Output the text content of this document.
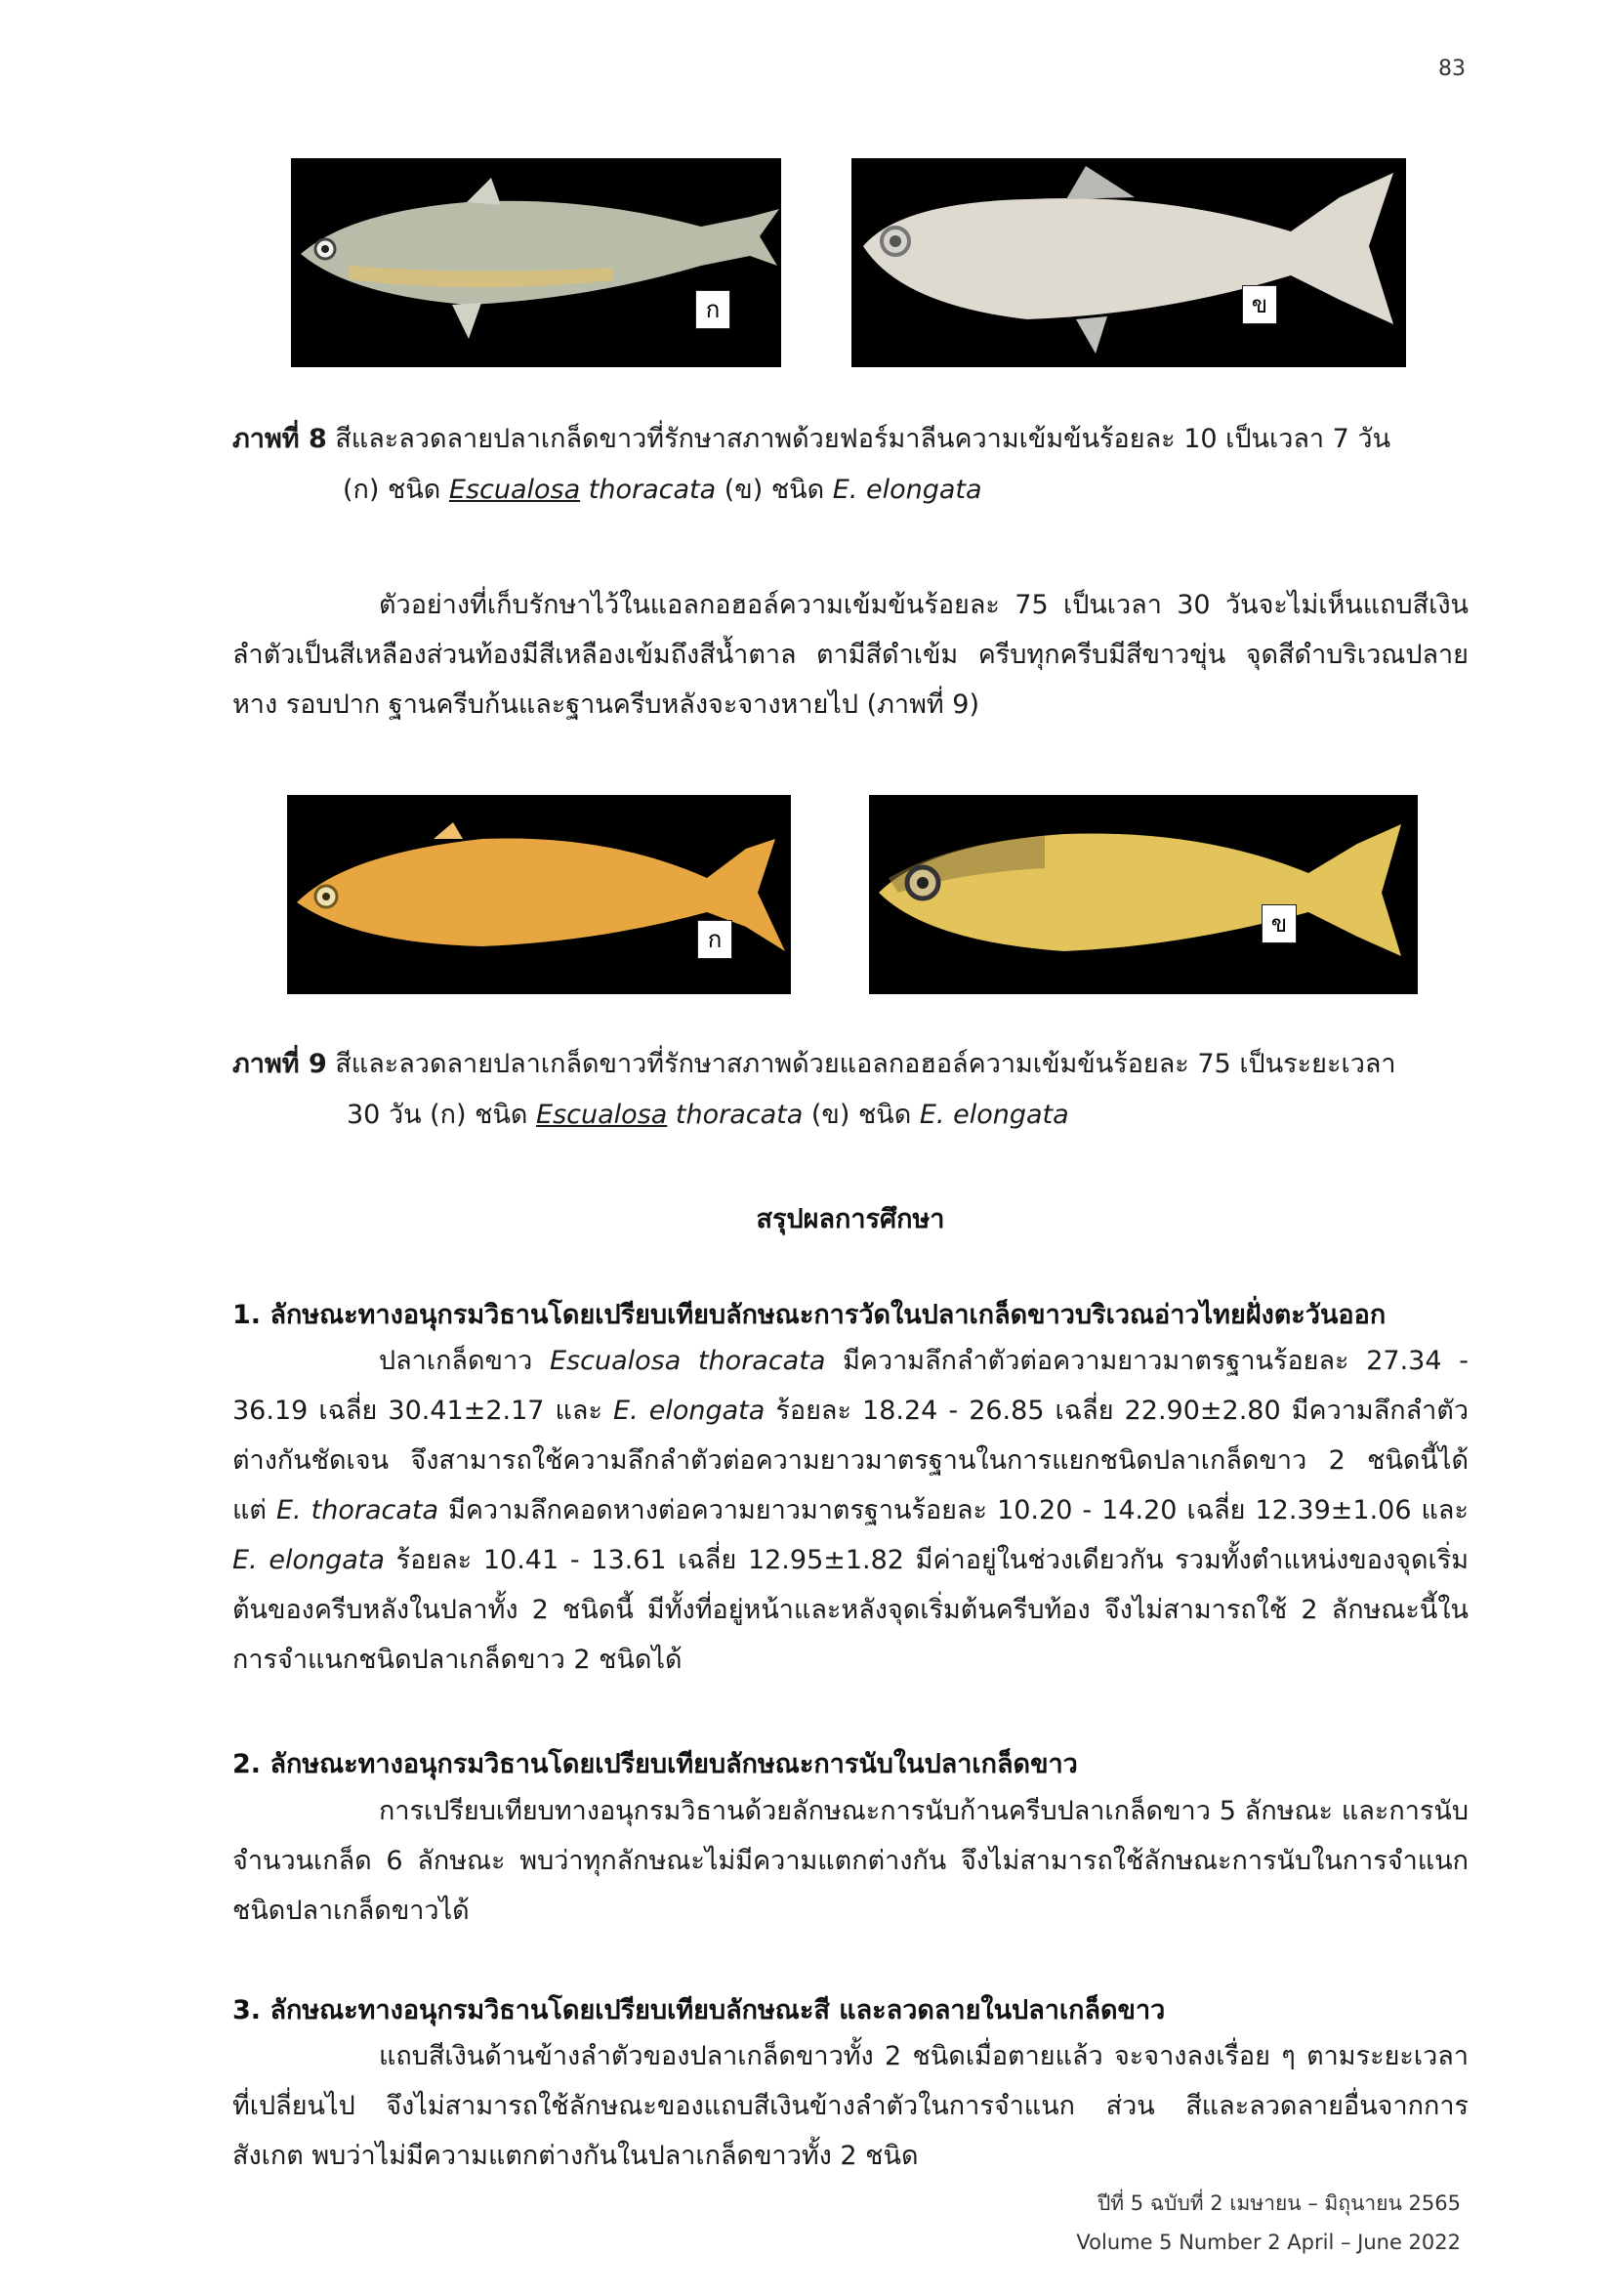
83
ก	ข
ภาพที่ 8 สีและลวดลายปลาเกล็ดขาวที่รักษาสภาพด้วยฟอร์มาลีนความเข้มข้นร้อยละ 10 เป็นเวลา 7 วัน
(ก) ชนิด Escualosa thoracata (ข) ชนิด E. elongata
ตัวอย่างที่เก็บรักษาไว้ในแอลกอฮอล์ความเข้มข้นร้อยละ 75 เป็นเวลา 30 วันจะไม่เห็นแถบสีเงินลำตัวเป็นสีเหลืองส่วนท้องมีสีเหลืองเข้มถึงสีน้ำตาล ตามีสีดำเข้ม ครีบทุกครีบมีสีขาวขุ่น จุดสีดำบริเวณปลายหาง รอบปาก ฐานครีบก้นและฐานครีบหลังจะจางหายไป (ภาพที่ 9)
ก
ข
ภาพที่ 9 สีและลวดลายปลาเกล็ดขาวที่รักษาสภาพด้วยแอลกอฮอล์ความเข้มข้นร้อยละ 75 เป็นระยะเวลา
30 วัน (ก) ชนิด Escualosa thoracata (ข) ชนิด E. elongata
สรุปผลการศึกษา
1. ลักษณะทางอนุกรมวิธานโดยเปรียบเทียบลักษณะการวัดในปลาเกล็ดขาวบริเวณอ่าวไทยฝั่งตะวันออก
ปลาเกล็ดขาว Escualosa thoracata มีความลึกลำตัวต่อความยาวมาตรฐานร้อยละ 27.34 - 36.19 เฉลี่ย 30.41±2.17 และ E. elongata ร้อยละ 18.24 - 26.85 เฉลี่ย 22.90±2.80 มีความลึกลำตัวต่างกันชัดเจน จึงสามารถใช้ความลึกลำตัวต่อความยาวมาตรฐานในการแยกชนิดปลาเกล็ดขาว 2 ชนิดนี้ได้ แต่ E. thoracata มีความลึกคอดหางต่อความยาวมาตรฐานร้อยละ 10.20 - 14.20 เฉลี่ย 12.39±1.06 และ E. elongata ร้อยละ 10.41 - 13.61 เฉลี่ย 12.95±1.82 มีค่าอยู่ในช่วงเดียวกัน รวมทั้งตำแหน่งของจุดเริ่มต้นของครีบหลังในปลาทั้ง 2 ชนิดนี้ มีทั้งที่อยู่หน้าและหลังจุดเริ่มต้นครีบท้อง จึงไม่สามารถใช้ 2 ลักษณะนี้ในการจำแนกชนิดปลาเกล็ดขาว 2 ชนิดได้
2. ลักษณะทางอนุกรมวิธานโดยเปรียบเทียบลักษณะการนับในปลาเกล็ดขาว
การเปรียบเทียบทางอนุกรมวิธานด้วยลักษณะการนับก้านครีบปลาเกล็ดขาว 5 ลักษณะ และการนับจำนวนเกล็ด 6 ลักษณะ พบว่าทุกลักษณะไม่มีความแตกต่างกัน จึงไม่สามารถใช้ลักษณะการนับในการจำแนกชนิดปลาเกล็ดขาวได้
3. ลักษณะทางอนุกรมวิธานโดยเปรียบเทียบลักษณะสี และลวดลายในปลาเกล็ดขาว
แถบสีเงินด้านข้างลำตัวของปลาเกล็ดขาวทั้ง 2 ชนิดเมื่อตายแล้ว จะจางลงเรื่อย ๆ ตามระยะเวลาที่เปลี่ยนไป จึงไม่สามารถใช้ลักษณะของแถบสีเงินข้างลำตัวในการจำแนก ส่วน สีและลวดลายอื่นจากการสังเกต พบว่าไม่มีความแตกต่างกันในปลาเกล็ดขาวทั้ง 2 ชนิด
ปีที่ 5 ฉบับที่ 2 เมษายน – มิถุนายน 2565
Volume 5 Number 2 April – June 2022
